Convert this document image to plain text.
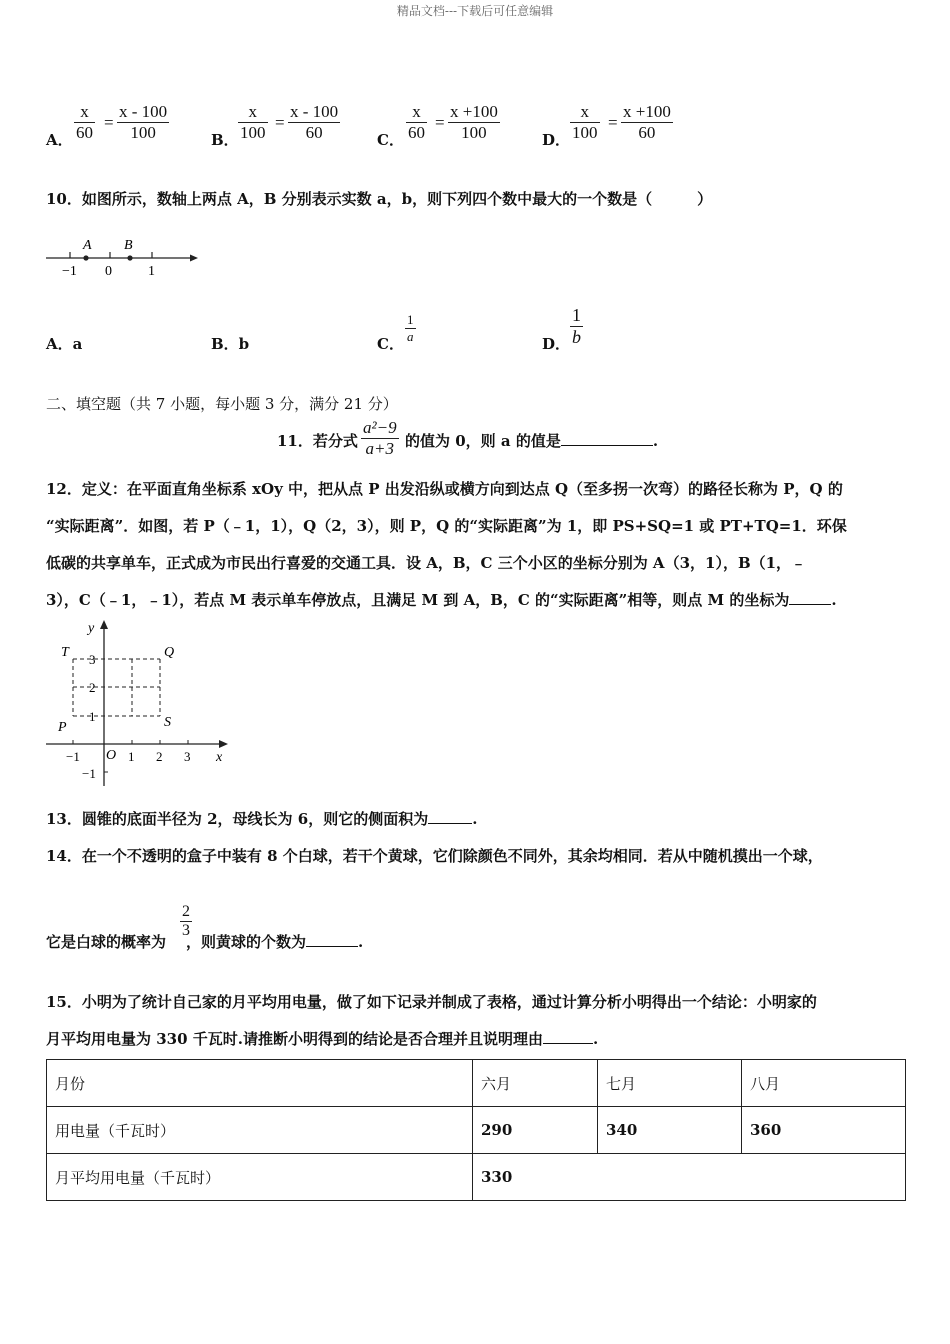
精品文档---下载后可任意编辑
A． $\frac{x}{60} = \frac{x - 100}{100}$	B． $\frac{x}{100} = \frac{x - 100}{60}$ C． $\frac{x}{60} = \frac{x +100}{100}$	D． $\frac{x}{100} = \frac{x +100}{60}$
10．如图所示，数轴上两点 A，B 分别表示实数 a，b，则下列四个数中最大的一个数是（　　　）
A B
−1 0	1
A．a	B．b	C． $\frac{1}{a}$	D． $\frac{1}{b}$
二、填空题（共 7 小题，每小题 3 分，满分 21 分）
11．若分式 $\frac{\text{a²−9}}{a+3}$ 的值为 0，则 a 的值是	.
12．定义：在平面直角坐标系 xOy 中，把从点 P 出发沿纵或横方向到达点 Q（至多拐一次弯）的路径长称为 P，Q 的
“实际距离”．如图，若 P（﹣1，1），Q（2，3），则 P，Q 的“实际距离”为 1，即 PS+SQ=1 或 PT+TQ=1．环保
低碳的共享单车，正式成为市民出行喜爱的交通工具．设 A，B，C 三个小区的坐标分别为 A（3，1），B（1，﹣
3），C（﹣1，﹣1），若点 M 表示单车停放点，且满足 M 到 A，B，C 的“实际距离”相等，则点 M 的坐标为	.
y
x
O
T	Q
P	S
3
2
1
−1
−1	1 2 3
13．圆锥的底面半径为 2，母线长为 6，则它的侧面积为	.
14．在一个不透明的盒子中装有 8 个白球，若干个黄球，它们除颜色不同外，其余均相同．若从中随机摸出一个球，
它是白球的概率为 ，则黄球的个数为	.
$\frac{2}{3}$
15．小明为了统计自己家的月平均用电量，做了如下记录并制成了表格，通过计算分析小明得出一个结论：小明家的
月平均用电量为 330 千瓦时.请推断小明得到的结论是否合理并且说明理由	.
月份	六月	七月	八月
用电量（千瓦时）	290	340	360
月平均用电量（千瓦时）	330		
